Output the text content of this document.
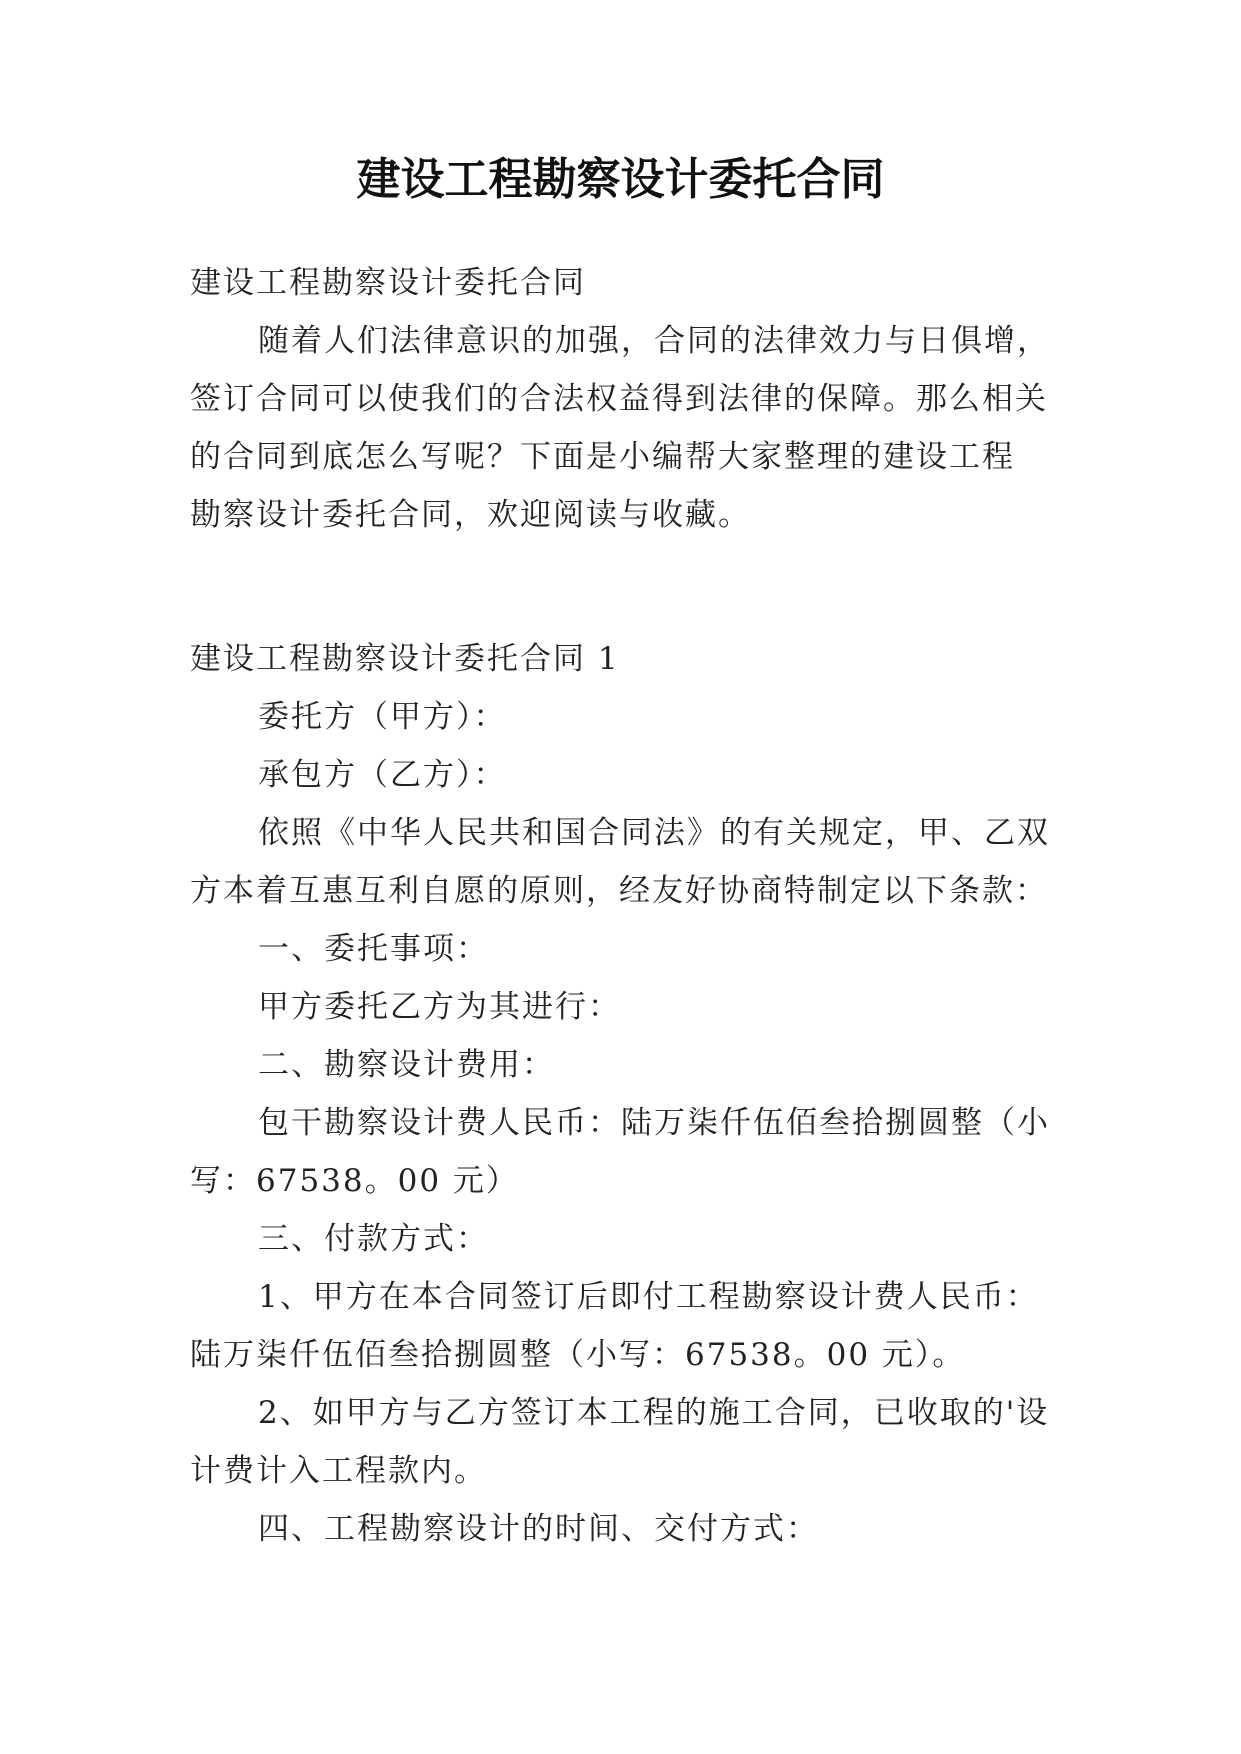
建设工程勘察设计委托合同
建设工程勘察设计委托合同
随着人们法律意识的加强，合同的法律效力与日俱增，
签订合同可以使我们的合法权益得到法律的保障。那么相关
的合同到底怎么写呢？下面是小编帮大家整理的建设工程
勘察设计委托合同，欢迎阅读与收藏。
建设工程勘察设计委托合同 1
委托方（甲方）：
承包方（乙方）：
依照《中华人民共和国合同法》的有关规定，甲、乙双
方本着互惠互利自愿的原则，经友好协商特制定以下条款：
一、委托事项：
甲方委托乙方为其进行：
二、勘察设计费用：
包干勘察设计费人民币：陆万柒仟伍佰叁拾捌圆整（小
写：67538。00 元）
三、付款方式：
1、甲方在本合同签订后即付工程勘察设计费人民币：
陆万柒仟伍佰叁拾捌圆整（小写：67538。00 元）。
2、如甲方与乙方签订本工程的施工合同，已收取的'设
计费计入工程款内。
四、工程勘察设计的时间、交付方式：
